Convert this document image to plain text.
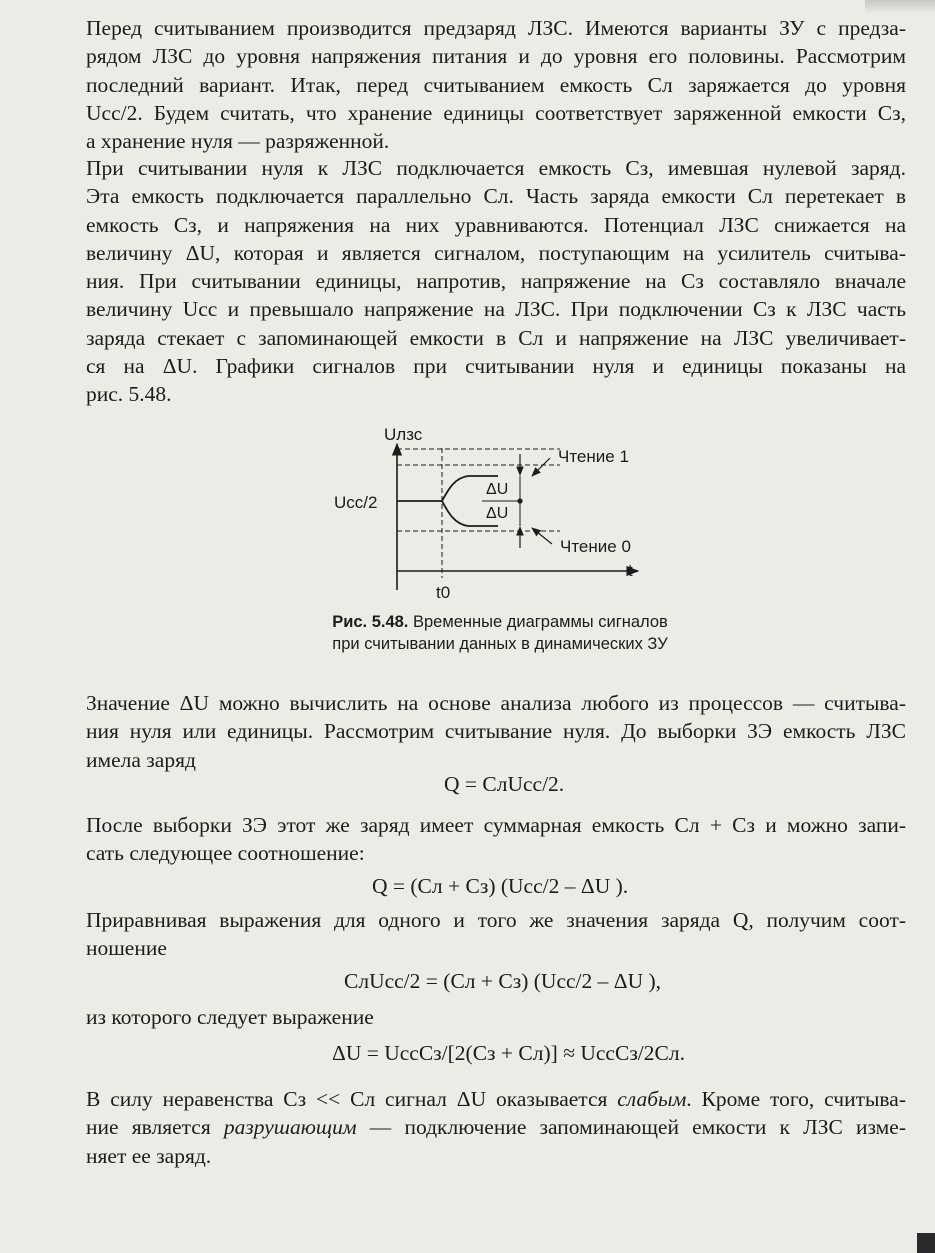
Перед считыванием производится предзаряд ЛЗС. Имеются варианты ЗУ с предза-
рядом ЛЗС до уровня напряжения питания и до уровня его половины. Рассмотрим
последний вариант. Итак, перед считыванием емкость Cл заряжается до уровня
Ucc/2. Будем считать, что хранение единицы соответствует заряженной емкости Cз,
а хранение нуля — разряженной.
При считывании нуля к ЛЗС подключается емкость Cз, имевшая нулевой заряд.
Эта емкость подключается параллельно Cл. Часть заряда емкости Cл перетекает в
емкость Cз, и напряжения на них уравниваются. Потенциал ЛЗС снижается на
величину ΔU, которая и является сигналом, поступающим на усилитель считыва-
ния. При считывании единицы, напротив, напряжение на Cз составляло вначале
величину Ucc и превышало напряжение на ЛЗС. При подключении Cз к ЛЗС часть
заряда стекает с запоминающей емкости в Cл и напряжение на ЛЗС увеличивает-
ся на ΔU. Графики сигналов при считывании нуля и единицы показаны на
рис. 5.48.
Uлзс
Ucc/2
ΔU
ΔU
Чтение 1
Чтение 0
t
t0
Рис. 5.48. Временные диаграммы сигналов
при считывании данных в динамических ЗУ
Значение ΔU можно вычислить на основе анализа любого из процессов — считыва-
ния нуля или единицы. Рассмотрим считывание нуля. До выборки ЗЭ емкость ЛЗС
имела заряд
Q = CлUcc/2.
После выборки ЗЭ этот же заряд имеет суммарная емкость Cл + Cз и можно запи-
сать следующее соотношение:
Q = (Cл + Cз) (Ucc/2 – ΔU ).
Приравнивая выражения для одного и того же значения заряда Q, получим соот-
ношение
CлUcc/2 = (Cл + Cз) (Ucc/2 – ΔU ),
из которого следует выражение
ΔU = UccCз/[2(Cз + Cл)] ≈ UccCз/2Cл.
В силу неравенства Cз << Cл сигнал ΔU оказывается слабым. Кроме того, считыва-
ние является разрушающим — подключение запоминающей емкости к ЛЗС изме-
няет ее заряд.
